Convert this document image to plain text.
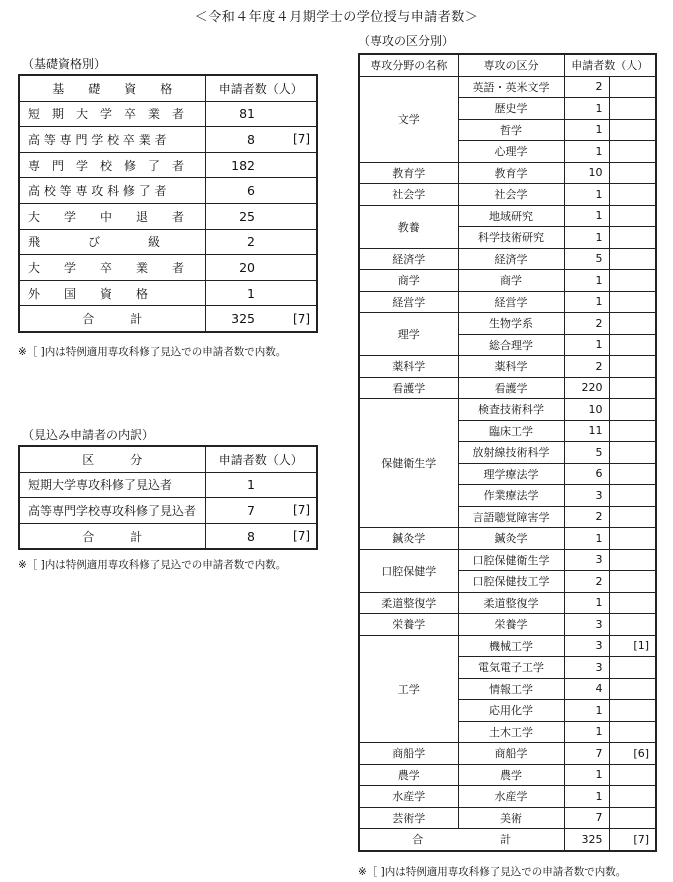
＜令和４年度４月期学士の学位授与申請者数＞
（基礎資格別）
基　　礎　　資　　格	申請者数（人）	
短　期　大　学　卒　業　者	81	
高 等 専 門 学 校 卒 業 者	8	[7]
専　門　学　校　修　了　者	182	
高 校 等 専 攻 科 修 了 者	6	
大　　学　　中　　退　　者	25	
飛　　　　び　　　　級	2	
大　　学　　卒　　業　　者	20	
外　　国　　資　　格	1	
合　　　計	325	[7]
※［ ]内は特例適用専攻科修了見込での申請者数で内数。
（見込み申請者の内訳）
区　　　分	申請者数（人）	
短期大学専攻科修了見込者	1	
高等専門学校専攻科修了見込者	7	[7]
合　　　計	8	[7]
※［ ]内は特例適用専攻科修了見込での申請者数で内数。
（専攻の区分別）
専攻分野の名称	専攻の区分	申請者数（人）	
文学	英語・英米文学	2	
	歴史学	1	
	哲学	1	
	心理学	1	
教育学	教育学	10	
社会学	社会学	1	
教養	地域研究	1	
	科学技術研究	1	
経済学	経済学	5	
商学	商学	1	
経営学	経営学	1	
理学	生物学系	2	
	総合理学	1	
薬科学	薬科学	2	
看護学	看護学	220	
保健衛生学	検査技術科学	10	
	臨床工学	11	
	放射線技術科学	5	
	理学療法学	6	
	作業療法学	3	
	言語聴覚障害学	2	
鍼灸学	鍼灸学	1	
口腔保健学	口腔保健衛生学	3	
	口腔保健技工学	2	
柔道整復学	柔道整復学	1	
栄養学	栄養学	3	
工学	機械工学	3	[1]
	電気電子工学	3	
	情報工学	4	
	応用化学	1	
	土木工学	1	
商船学	商船学	7	[6]
農学	農学	1	
水産学	水産学	1	
芸術学	美術	7	
合　　　　　　　計		325	[7]
※［ ]内は特例適用専攻科修了見込での申請者数で内数。
